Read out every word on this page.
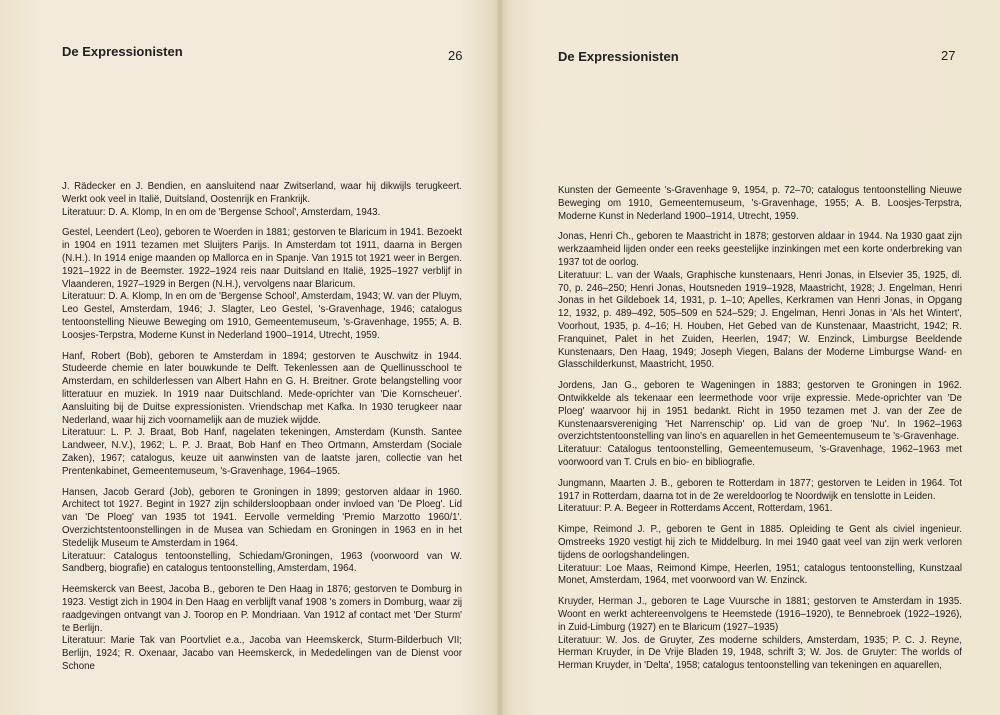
De Expressionisten	26
J. Rädecker en J. Bendien, en aansluitend naar Zwitserland, waar hij dikwijls terugkeert. Werkt ook veel in Italië, Duitsland, Oostenrijk en Frankrijk.
Literatuur: D. A. Klomp, In en om de 'Bergense School', Amsterdam, 1943.
Gestel, Leendert (Leo), geboren te Woerden in 1881; gestorven te Blaricum in 1941. Bezoekt in 1904 en 1911 tezamen met Sluijters Parijs. In Amsterdam tot 1911, daarna in Bergen (N.H.). In 1914 enige maanden op Mallorca en in Spanje. Van 1915 tot 1921 weer in Bergen. 1921–1922 in de Beemster. 1922–1924 reis naar Duitsland en Italië, 1925–1927 verblijf in Vlaanderen, 1927–1929 in Bergen (N.H.), vervolgens naar Blaricum.
Literatuur: D. A. Klomp, In en om de 'Bergense School', Amsterdam, 1943; W. van der Pluym, Leo Gestel, Amsterdam, 1946; J. Slagter, Leo Gestel, 's-Gravenhage, 1946; catalogus tentoonstelling Nieuwe Beweging om 1910, Gemeentemuseum, 's-Gravenhage, 1955; A. B. Loosjes-Terpstra, Moderne Kunst in Nederland 1900–1914, Utrecht, 1959.
Hanf, Robert (Bob), geboren te Amsterdam in 1894; gestorven te Auschwitz in 1944. Studeerde chemie en later bouwkunde te Delft. Tekenlessen aan de Quellinusschool te Amsterdam, en schilderlessen van Albert Hahn en G. H. Breitner. Grote belangstelling voor litteratuur en muziek. In 1919 naar Duitschland. Mede-oprichter van 'Die Kornscheuer'. Aansluiting bij de Duitse expressionisten. Vriendschap met Kafka. In 1930 terugkeer naar Nederland, waar hij zich voornamelijk aan de muziek wijdde.
Literatuur: L. P. J. Braat, Bob Hanf, nagelaten tekeningen, Amsterdam (Kunsth. Santee Landweer, N.V.), 1962; L. P. J. Braat, Bob Hanf en Theo Ortmann, Amsterdam (Sociale Zaken), 1967; catalogus, keuze uit aanwinsten van de laatste jaren, collectie van het Prentenkabinet, Gemeentemuseum, 's-Gravenhage, 1964–1965.
Hansen, Jacob Gerard (Job), geboren te Groningen in 1899; gestorven aldaar in 1960. Architect tot 1927. Begint in 1927 zijn schildersloopbaan onder invloed van 'De Ploeg'. Lid van 'De Ploeg' van 1935 tot 1941. Eervolle vermelding 'Premio Marzotto 1960/1'. Overzichtstentoonstellingen in de Musea van Schiedam en Groningen in 1963 en in het Stedelijk Museum te Amsterdam in 1964.
Literatuur: Catalogus tentoonstelling, Schiedam/Groningen, 1963 (voorwoord van W. Sandberg, biografie) en catalogus tentoonstelling, Amsterdam, 1964.
Heemskerck van Beest, Jacoba B., geboren te Den Haag in 1876; gestorven te Domburg in 1923. Vestigt zich in 1904 in Den Haag en verblijft vanaf 1908 's zomers in Domburg, waar zij raadgevingen ontvangt van J. Toorop en P. Mondriaan. Van 1912 af contact met 'Der Sturm' te Berlijn.
Literatuur: Marie Tak van Poortvliet e.a., Jacoba van Heemskerck, Sturm-Bilderbuch VII; Berlijn, 1924; R. Oxenaar, Jacabo van Heemskerck, in Mededelingen van de Dienst voor Schone
De Expressionisten	27
Kunsten der Gemeente 's-Gravenhage 9, 1954, p. 72–70; catalogus tentoonstelling Nieuwe Beweging om 1910, Gemeentemuseum, 's-Gravenhage, 1955; A. B. Loosjes-Terpstra, Moderne Kunst in Nederland 1900–1914, Utrecht, 1959.
Jonas, Henri Ch., geboren te Maastricht in 1878; gestorven aldaar in 1944. Na 1930 gaat zijn werkzaamheid lijden onder een reeks geestelijke inzinkingen met een korte onderbreking van 1937 tot de oorlog.
Literatuur: L. van der Waals, Graphische kunstenaars, Henri Jonas, in Elsevier 35, 1925, dl. 70, p. 246–250; Henri Jonas, Houtsneden 1919–1928, Maastricht, 1928; J. Engelman, Henri Jonas in het Gildeboek 14, 1931, p. 1–10; Apelles, Kerkramen van Henri Jonas, in Opgang 12, 1932, p. 489–492, 505–509 en 524–529; J. Engelman, Henri Jonas in 'Als het Wintert', Voorhout, 1935, p. 4–16; H. Houben, Het Gebed van de Kunstenaar, Maastricht, 1942; R. Franquinet, Palet in het Zuiden, Heerlen, 1947; W. Enzinck, Limburgse Beeldende Kunstenaars, Den Haag, 1949; Joseph Viegen, Balans der Moderne Limburgse Wand- en Glasschilderkunst, Maastricht, 1950.
Jordens, Jan G., geboren te Wageningen in 1883; gestorven te Groningen in 1962. Ontwikkelde als tekenaar een leermethode voor vrije expressie. Mede-oprichter van 'De Ploeg' waarvoor hij in 1951 bedankt. Richt in 1950 tezamen met J. van der Zee de Kunstenaarsvereniging 'Het Narrenschip' op. Lid van de groep 'Nu'. In 1962–1963 overzichtstentoonstelling van lino's en aquarellen in het Gemeentemuseum te 's-Gravenhage.
Literatuur: Catalogus tentoonstelling, Gemeentemuseum, 's-Gravenhage, 1962–1963 met voorwoord van T. Cruls en bio- en bibliografie.
Jungmann, Maarten J. B., geboren te Rotterdam in 1877; gestorven te Leiden in 1964. Tot 1917 in Rotterdam, daarna tot in de 2e wereldoorlog te Noordwijk en tenslotte in Leiden.
Literatuur: P. A. Begeer in Rotterdams Accent, Rotterdam, 1961.
Kimpe, Reimond J. P., geboren te Gent in 1885. Opleiding te Gent als civiel ingenieur. Omstreeks 1920 vestigt hij zich te Middelburg. In mei 1940 gaat veel van zijn werk verloren tijdens de oorlogshandelingen.
Literatuur: Loe Maas, Reimond Kimpe, Heerlen, 1951; catalogus tentoonstelling, Kunstzaal Monet, Amsterdam, 1964, met voorwoord van W. Enzinck.
Kruyder, Herman J., geboren te Lage Vuursche in 1881; gestorven te Amsterdam in 1935. Woont en werkt achtereenvolgens te Heemstede (1916–1920), te Bennebroek (1922–1926), in Zuid-Limburg (1927) en te Blaricum (1927–1935)
Literatuur: W. Jos. de Gruyter, Zes moderne schilders, Amsterdam, 1935; P. C. J. Reyne, Herman Kruyder, in De Vrije Bladen 19, 1948, schrift 3; W. Jos. de Gruyter: The worlds of Herman Kruyder, in 'Delta', 1958; catalogus tentoonstelling van tekeningen en aquarellen,
